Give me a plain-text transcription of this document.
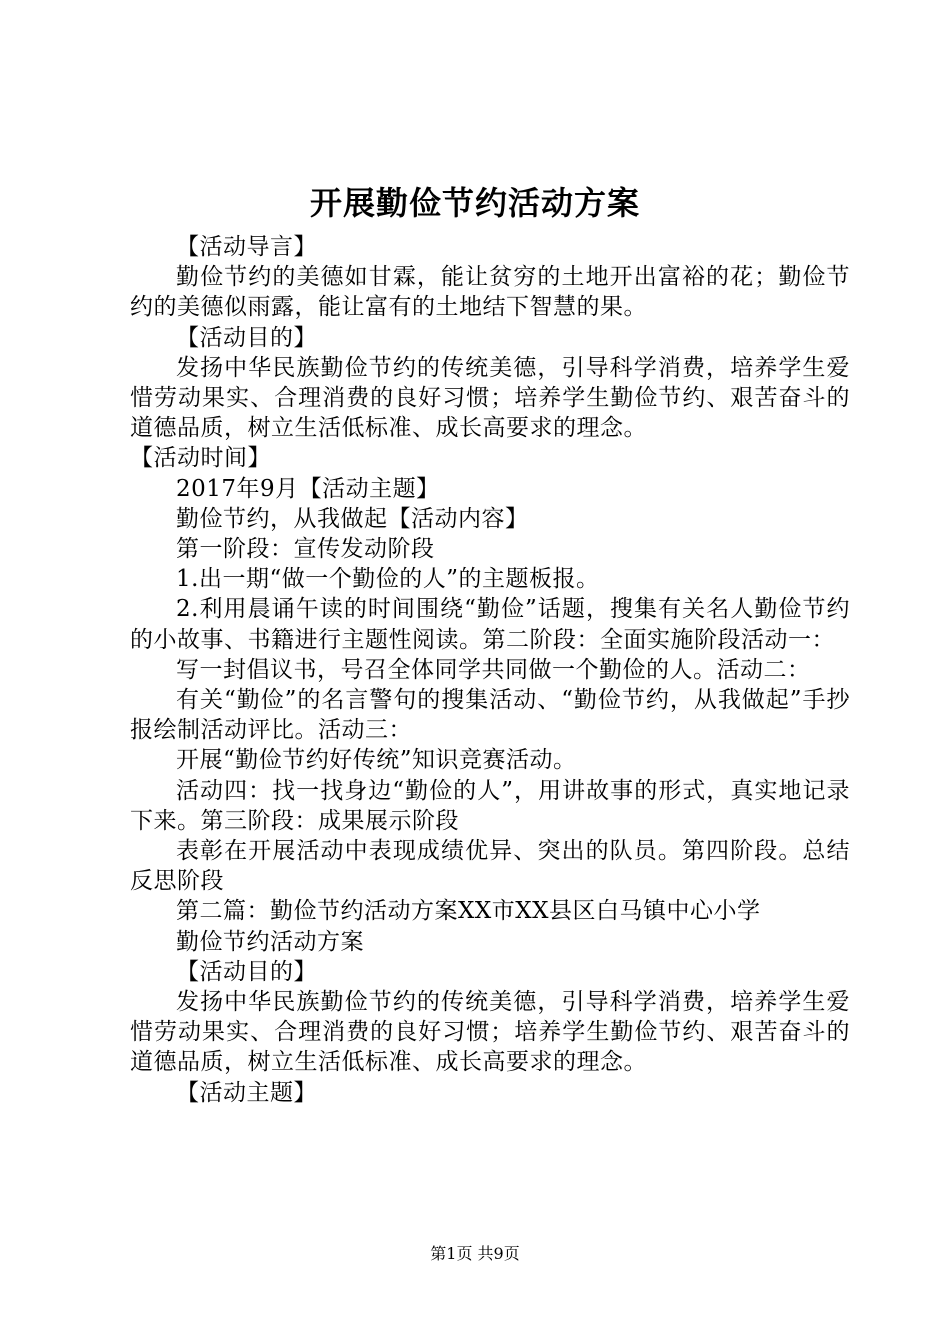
开展勤俭节约活动方案

【活动导言】

勤俭节约的美德如甘霖，能让贫穷的土地开出富裕的花；勤俭节约的美德似雨露，能让富有的土地结下智慧的果。

【活动目的】

发扬中华民族勤俭节约的传统美德，引导科学消费，培养学生爱惜劳动果实、合理消费的良好习惯；培养学生勤俭节约、艰苦奋斗的道德品质，树立生活低标准、成长高要求的理念。

【活动时间】

2017年9月【活动主题】

勤俭节约，从我做起【活动内容】

第一阶段：宣传发动阶段

1.出一期“做一个勤俭的人”的主题板报。

2.利用晨诵午读的时间围绕“勤俭”话题，搜集有关名人勤俭节约的小故事、书籍进行主题性阅读。第二阶段：全面实施阶段活动一：

写一封倡议书，号召全体同学共同做一个勤俭的人。活动二：

有关“勤俭”的名言警句的搜集活动、“勤俭节约，从我做起”手抄报绘制活动评比。活动三：

开展“勤俭节约好传统”知识竞赛活动。

活动四：找一找身边“勤俭的人”，用讲故事的形式，真实地记录下来。第三阶段：成果展示阶段

表彰在开展活动中表现成绩优异、突出的队员。第四阶段。总结反思阶段

第二篇：勤俭节约活动方案XX市XX县区白马镇中心小学

勤俭节约活动方案

【活动目的】

发扬中华民族勤俭节约的传统美德，引导科学消费，培养学生爱惜劳动果实、合理消费的良好习惯；培养学生勤俭节约、艰苦奋斗的道德品质，树立生活低标准、成长高要求的理念。

【活动主题】

第1页 共9页
